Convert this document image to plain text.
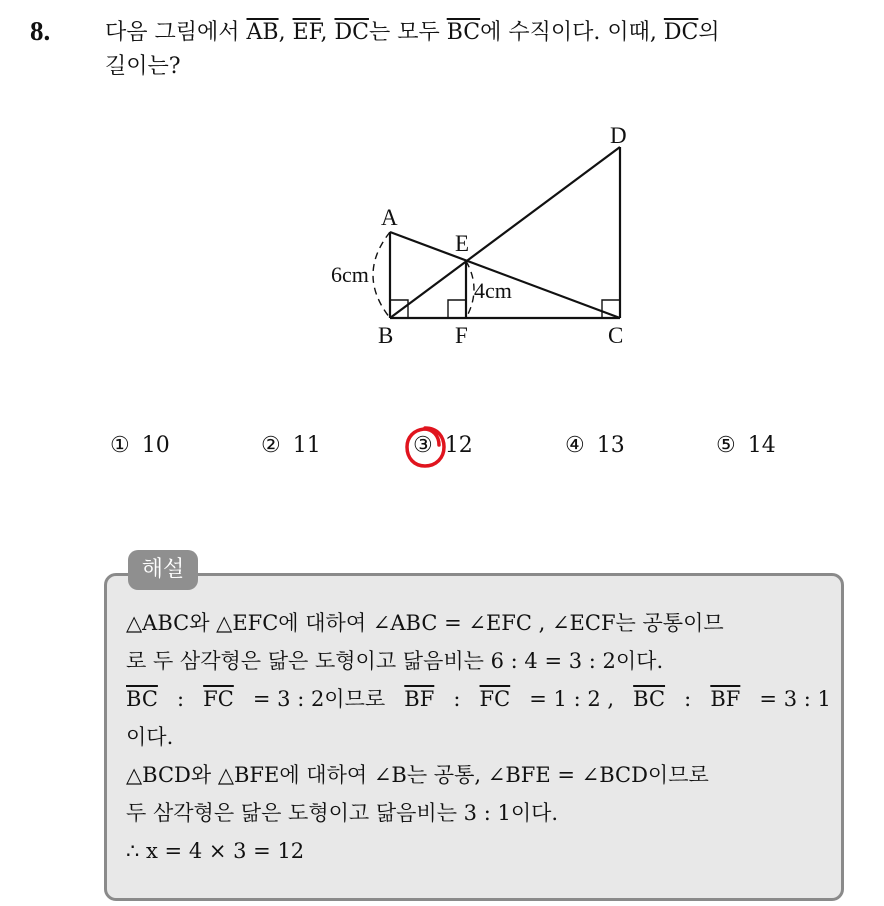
8. 다음 그림에서 $\overline{AB}$, $\overline{EF}$, $\overline{DC}$는 모두 $\overline{BC}$에 수직이다. 이때, $\overline{DC}$의
길이는?
A
B	C
D
E
F
6cm
4cm
① 10	② 11	③ 12	④ 13	⑤ 14
해설
△ABC와 △EFC에 대하여 ∠ABC = ∠EFC , ∠ECF는 공통이므
로 두 삼각형은 닮은 도형이고 닮음비는 6 : 4 = 3 : 2이다.
$\overline{BC}$ : $\overline{FC} = 3$ : 2이므로 $\overline{BF}$ : $\overline{FC} = 1$ : 2 , $\overline{BC}$ : $\overline{BF} = 3$ : 1
이다.
△BCD와 △BFE에 대하여 ∠B는 공통, ∠BFE = ∠BCD이므로
두 삼각형은 닮은 도형이고 닮음비는 3 : 1이다.
∴ x = 4 × 3 = 12
